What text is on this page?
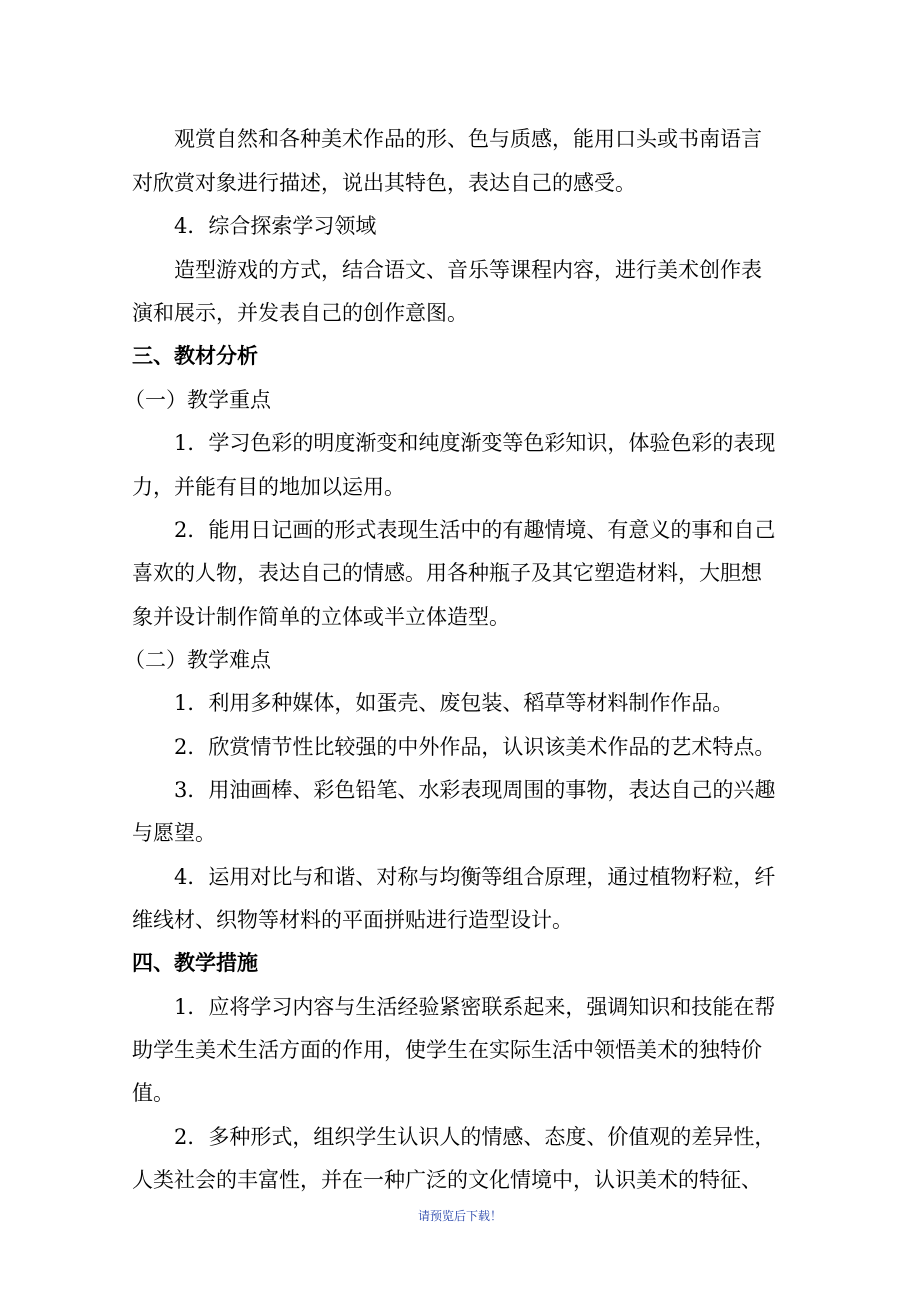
观赏自然和各种美术作品的形、色与质感，能用口头或书南语言
对欣赏对象进行描述，说出其特色，表达自己的感受。
4．综合探索学习领域
造型游戏的方式，结合语文、音乐等课程内容，进行美术创作表
演和展示，并发表自己的创作意图。
三、教材分析
（一）教学重点
1．学习色彩的明度渐变和纯度渐变等色彩知识，体验色彩的表现
力，并能有目的地加以运用。
2．能用日记画的形式表现生活中的有趣情境、有意义的事和自己
喜欢的人物，表达自己的情感。用各种瓶子及其它塑造材料，大胆想
象并设计制作简单的立体或半立体造型。
（二）教学难点
1．利用多种媒体，如蛋壳、废包装、稻草等材料制作作品。
2．欣赏情节性比较强的中外作品，认识该美术作品的艺术特点。
3．用油画棒、彩色铅笔、水彩表现周围的事物，表达自己的兴趣
与愿望。
4．运用对比与和谐、对称与均衡等组合原理，通过植物籽粒，纤
维线材、织物等材料的平面拼贴进行造型设计。
四、教学措施
1．应将学习内容与生活经验紧密联系起来，强调知识和技能在帮
助学生美术生活方面的作用，使学生在实际生活中领悟美术的独特价
值。
2．多种形式，组织学生认识人的情感、态度、价值观的差异性，
人类社会的丰富性，并在一种广泛的文化情境中，认识美术的特征、
请预览后下载！
